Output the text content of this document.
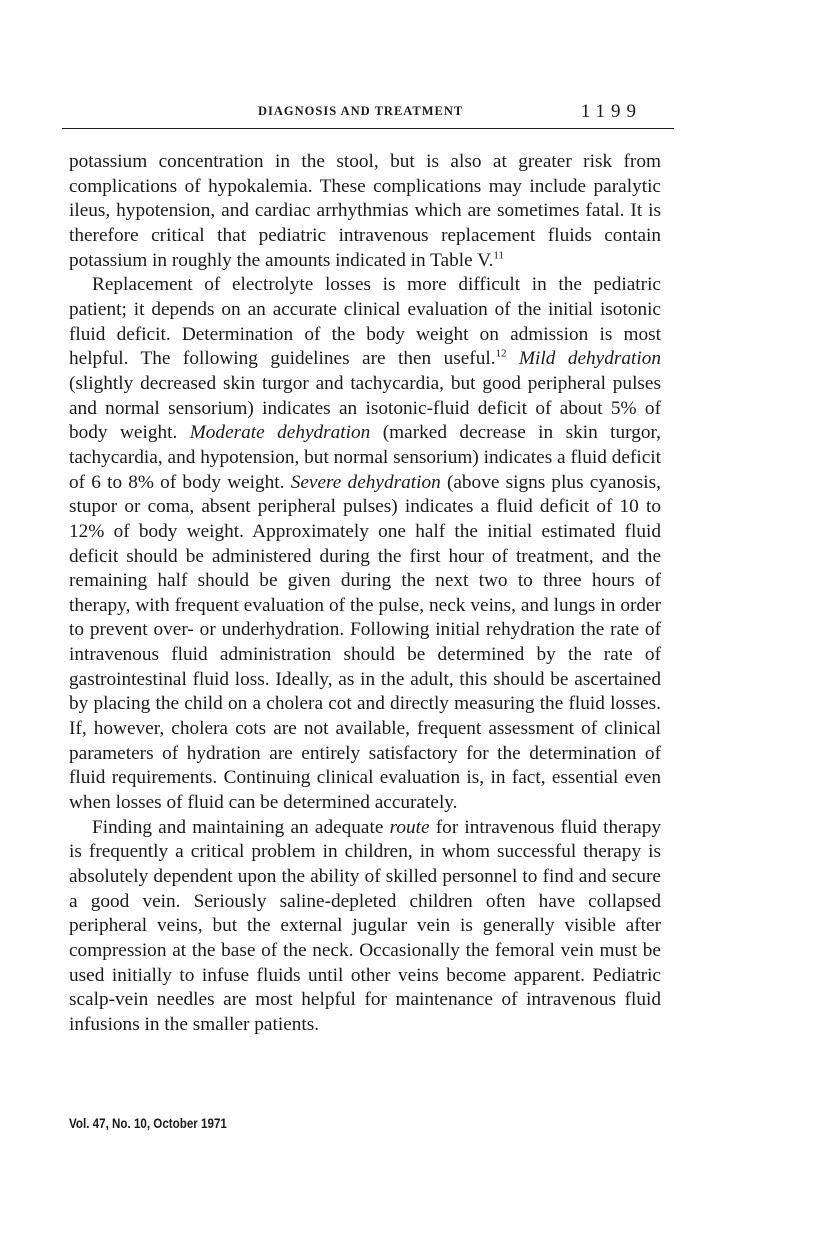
DIAGNOSIS AND TREATMENT	1199

potassium concentration in the stool, but is also at greater risk from complications of hypokalemia. These complications may include paralytic ileus, hypotension, and cardiac arrhythmias which are sometimes fatal. It is therefore critical that pediatric intravenous replacement fluids contain potassium in roughly the amounts indicated in Table V.$^{11}$

Replacement of electrolyte losses is more difficult in the pediatric patient; it depends on an accurate clinical evaluation of the initial isotonic fluid deficit. Determination of the body weight on admission is most helpful. The following guidelines are then useful.$^{12}$ Mild dehydration (slightly decreased skin turgor and tachycardia, but good peripheral pulses and normal sensorium) indicates an isotonic-fluid deficit of about 5% of body weight. Moderate dehydration (marked decrease in skin turgor, tachycardia, and hypotension, but normal sensorium) indicates a fluid deficit of 6 to 8% of body weight. Severe dehydration (above signs plus cyanosis, stupor or coma, absent peripheral pulses) indicates a fluid deficit of 10 to 12% of body weight. Approximately one half the initial estimated fluid deficit should be administered during the first hour of treatment, and the remaining half should be given during the next two to three hours of therapy, with frequent evaluation of the pulse, neck veins, and lungs in order to prevent over- or underhydration. Following initial rehydration the rate of intravenous fluid administration should be determined by the rate of gastrointestinal fluid loss. Ideally, as in the adult, this should be ascertained by placing the child on a cholera cot and directly measuring the fluid losses. If, however, cholera cots are not available, frequent assessment of clinical parameters of hydration are entirely satisfactory for the determination of fluid requirements. Continuing clinical evaluation is, in fact, essential even when losses of fluid can be determined accurately.

Finding and maintaining an adequate route for intravenous fluid therapy is frequently a critical problem in children, in whom successful therapy is absolutely dependent upon the ability of skilled personnel to find and secure a good vein. Seriously saline-depleted children often have collapsed peripheral veins, but the external jugular vein is generally visible after compression at the base of the neck. Occasionally the femoral vein must be used initially to infuse fluids until other veins become apparent. Pediatric scalp-vein needles are most helpful for maintenance of intravenous fluid infusions in the smaller patients.

Vol. 47, No. 10, October 1971
